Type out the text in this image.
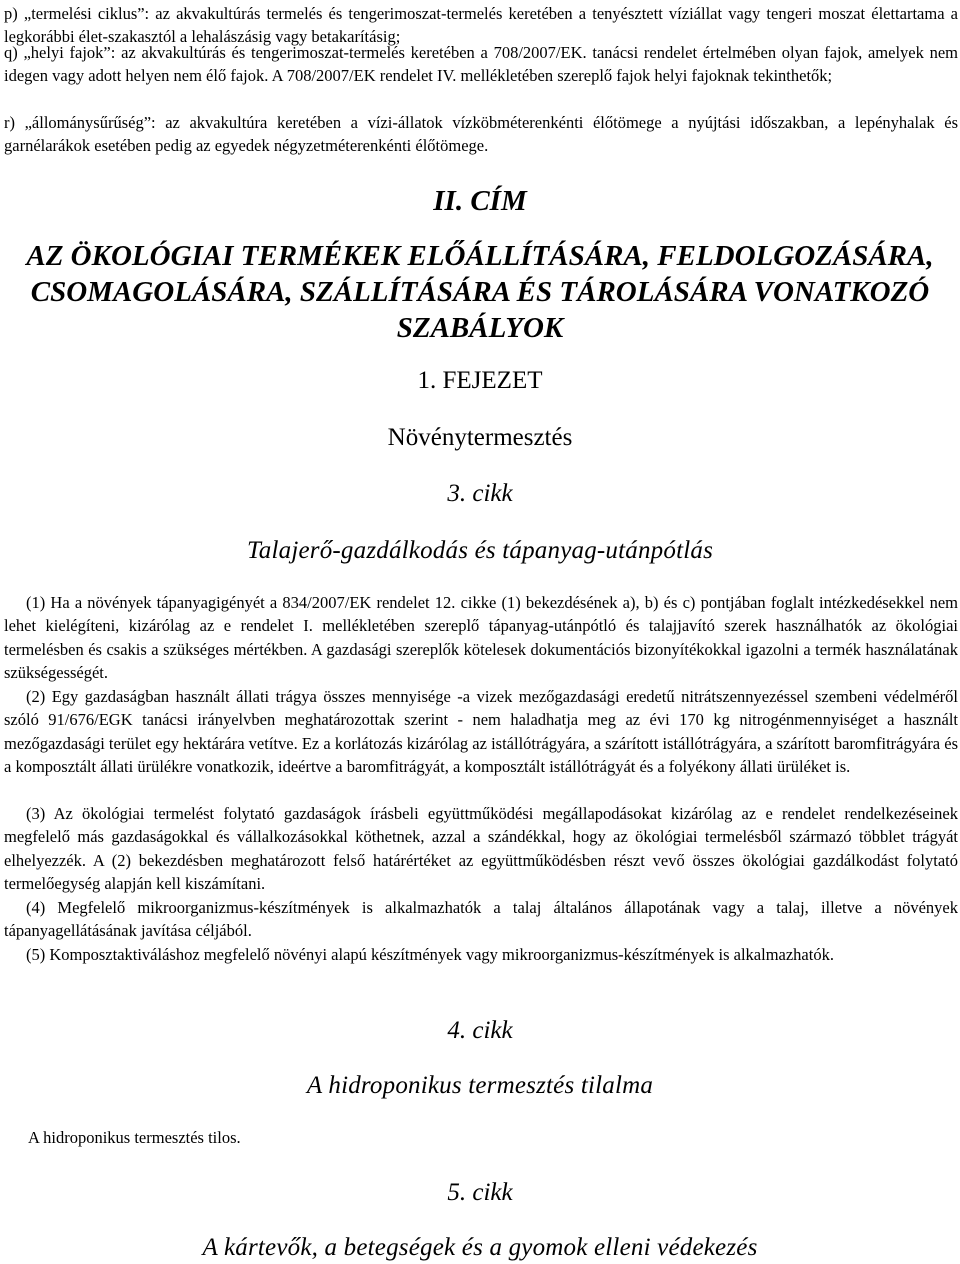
p) „termelési ciklus”: az akvakultúrás termelés és tengerimoszat-termelés keretében a tenyésztett víziállat vagy tengeri moszat élettartama a legkorábbi élet-szakasztól a lehalászásig vagy betakarításig;

q) „helyi fajok”: az akvakultúrás és tengerimoszat-termelés keretében a 708/2007/EK. tanácsi rendelet értelmében olyan fajok, amelyek nem idegen vagy adott helyen nem élő fajok. A 708/2007/EK rendelet IV. mellékletében szereplő fajok helyi fajoknak tekinthetők;

r) „állománysűrűség”: az akvakultúra keretében a vízi-állatok vízköbméterenkénti élőtömege a nyújtási időszakban, a lepényhalak és garnélarákok esetében pedig az egyedek négyzetméterenkénti élőtömege.

II. CÍM

AZ ÖKOLÓGIAI TERMÉKEK ELŐÁLLÍTÁSÁRA, FELDOLGOZÁSÁRA, CSOMAGOLÁSÁRA, SZÁLLÍTÁSÁRA ÉS TÁROLÁSÁRA VONATKOZÓ SZABÁLYOK

1. FEJEZET

Növénytermesztés

3. cikk

Talajerő-gazdálkodás és tápanyag-utánpótlás

(1) Ha a növények tápanyagigényét a 834/2007/EK rendelet 12. cikke (1) bekezdésének a), b) és c) pontjában foglalt intézkedésekkel nem lehet kielégíteni, kizárólag az e rendelet I. mellékletében szereplő tápanyag-utánpótló és talajjavító szerek használhatók az ökológiai termelésben és csakis a szükséges mértékben. A gazdasági szereplők kötelesek dokumentációs bizonyítékokkal igazolni a termék használatának szükségességét.

(2) Egy gazdaságban használt állati trágya összes mennyisége -a vizek mezőgazdasági eredetű nitrátszennyezéssel szembeni védelméről szóló 91/676/EGK tanácsi irányelvben meghatározottak szerint - nem haladhatja meg az évi 170 kg nitrogénmennyiséget a használt mezőgazdasági terület egy hektárára vetítve. Ez a korlátozás kizárólag az istállótrágyára, a szárított istállótrágyára, a szárított baromfitrágyára és a komposztált állati ürülékre vonatkozik, ideértve a baromfitrágyát, a komposztált istállótrágyát és a folyékony állati ürüléket is.

(3) Az ökológiai termelést folytató gazdaságok írásbeli együttműködési megállapodásokat kizárólag az e rendelet rendelkezéseinek megfelelő más gazdaságokkal és vállalkozásokkal köthetnek, azzal a szándékkal, hogy az ökológiai termelésből származó többlet trágyát elhelyezzék. A (2) bekezdésben meghatározott felső határértéket az együttműködésben részt vevő összes ökológiai gazdálkodást folytató termelőegység alapján kell kiszámítani.

(4) Megfelelő mikroorganizmus-készítmények is alkalmazhatók a talaj általános állapotának vagy a talaj, illetve a növények tápanyagellátásának javítása céljából.

(5) Komposztaktiváláshoz megfelelő növényi alapú készítmények vagy mikroorganizmus-készítmények is alkalmazhatók.

4. cikk

A hidroponikus termesztés tilalma

A hidroponikus termesztés tilos.

5. cikk

A kártevők, a betegségek és a gyomok elleni védekezés
